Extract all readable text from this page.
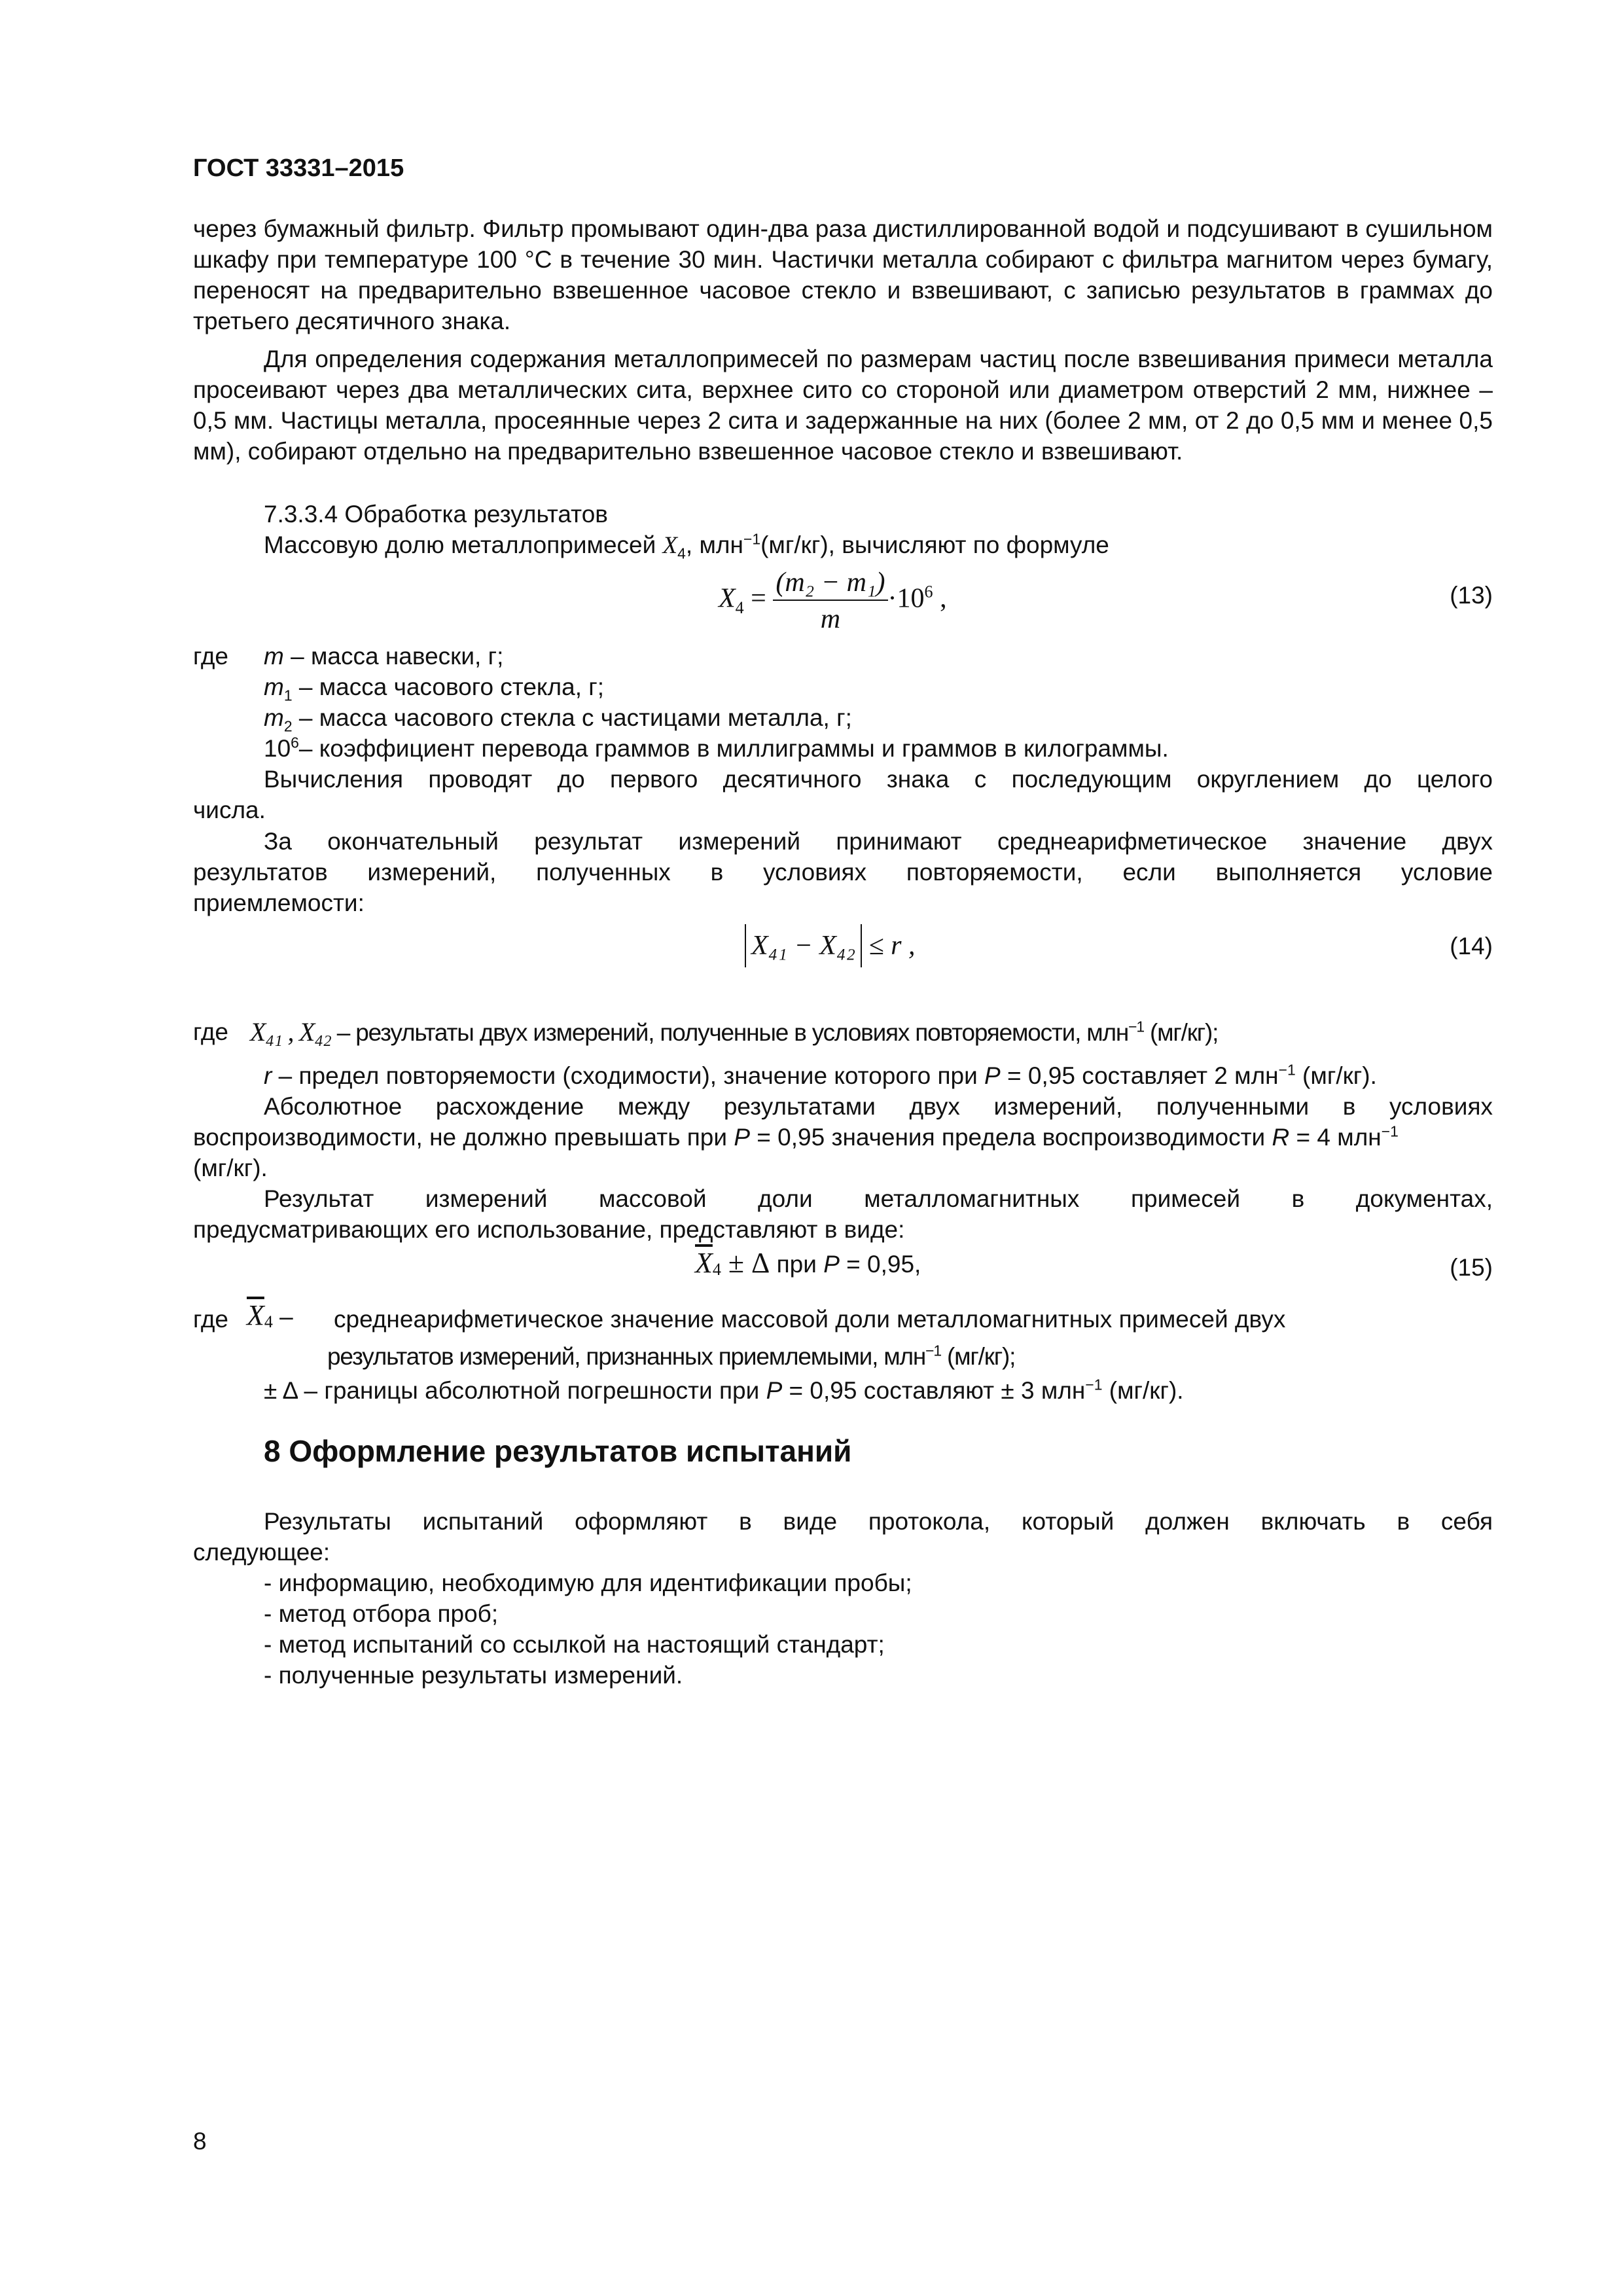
ГОСТ 33331–2015

через бумажный фильтр. Фильтр промывают один-два раза дистиллированной водой и подсушивают в сушильном шкафу при температуре 100 °С в течение 30 мин. Частички металла собирают с фильтра магнитом через бумагу, переносят на предварительно взвешенное часовое стекло и взвешивают, с записью результатов в граммах до третьего десятичного знака.

Для определения содержания металлопримесей по размерам частиц после взвешивания примеси металла просеивают через два металлических сита, верхнее сито со стороной или диаметром отверстий 2 мм, нижнее – 0,5 мм. Частицы металла, просеянные через 2 сита и задержанные на них (более 2 мм, от 2 до 0,5 мм и менее 0,5 мм), собирают отдельно на предварительно взвешенное часовое стекло и взвешивают.

7.3.3.4 Обработка результатов
Массовую долю металлопримесей $X_4$, млн$^{-1}$(мг/кг), вычисляют по формуле
$X_4 = \frac{\text{(m₂ − m₁)}}{m} \cdot 10^6$ ,	(13)
где m – масса навески, г;
$m_1$ – масса часового стекла, г;
$m_2$ – масса часового стекла с частицами металла, г;
$10^6-$ коэффициент перевода граммов в миллиграммы и граммов в килограммы.
Вычисления проводят до первого десятичного знака с последующим округлением до целого
числа.
За окончательный результат измерений принимают среднеарифметическое значение двух
результатов измерений, полученных в условиях повторяемости, если выполняется условие
приемлемости:
X₄₁ − X₄₂ ≤ r ,	(14)
где X₄₁ , X₄₂ – результаты двух измерений, полученные в условиях повторяемости, млн$^{-1}$ (мг/кг);
r – предел повторяемости (сходимости), значение которого при P = 0,95 составляет 2 млн$^{-1}$ (мг/кг).
Абсолютное расхождение между результатами двух измерений, полученными в условиях
воспроизводимости, не должно превышать при P = 0,95 значения предела воспроизводимости R = 4 млн$^{-1}$
(мг/кг).
Результат измерений массовой доли металломагнитных примесей в документах,
предусматривающих его использование, представляют в виде:
$\overline{X}_4 \pm \Delta$ при P = 0,95,	(15)
где $\overline{X}_4$ – среднеарифметическое значение массовой доли металломагнитных примесей двух
результатов измерений, признанных приемлемыми, млн$^{-1}$ (мг/кг);
± Δ – границы абсолютной погрешности при P = 0,95 составляют ± 3 млн$^{-1}$ (мг/кг).
8 Оформление результатов испытаний
Результаты испытаний оформляют в виде протокола, который должен включать в себя
следующее:
- информацию, необходимую для идентификации пробы;
- метод отбора проб;
- метод испытаний со ссылкой на настоящий стандарт;
- полученные результаты измерений.
8
